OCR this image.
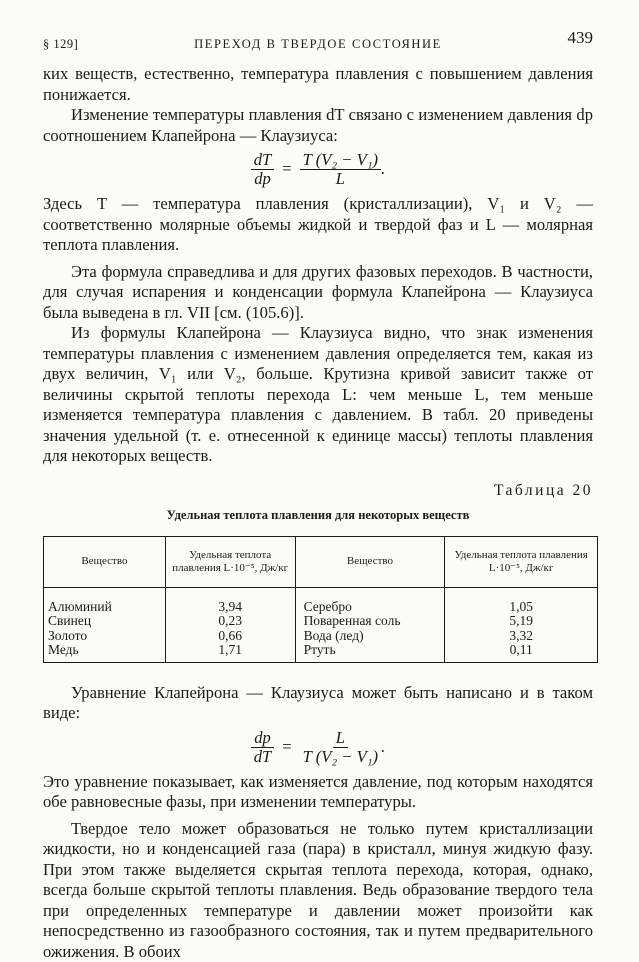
§ 129]	ПЕРЕХОД В ТВЕРДОЕ СОСТОЯНИЕ	439

ких веществ, естественно, температура плавления с повышением давления понижается.

Изменение температуры плавления dT связано с изменением давления dp соотношением Клапейрона — Клаузиуса:

$\frac{dT}{dp} = \frac{\text{T (V₂ − V₁)}}{L}$ .

Здесь T — температура плавления (кристаллизации), V₁ и V₂ — соответственно молярные объемы жидкой и твердой фаз и L — молярная теплота плавления.

Эта формула справедлива и для других фазовых переходов. В частности, для случая испарения и конденсации формула Клапейрона — Клаузиуса была выведена в гл. VII [см. (105.6)].

Из формулы Клапейрона — Клаузиуса видно, что знак изменения температуры плавления с изменением давления определяется тем, какая из двух величин, V₁ или V₂, больше. Крутизна кривой зависит также от величины скрытой теплоты перехода L: чем меньше L, тем меньше изменяется температура плавления с давлением. В табл. 20 приведены значения удельной (т. е. отнесенной к единице массы) теплоты плавления для некоторых веществ.

Таблица 20
Удельная теплота плавления для некоторых веществ
Вещество	Удельная теплота плавления L·10⁻⁵, Дж/кг	Вещество	Удельная теплота плавления L·10⁻⁵, Дж/кг
Алюминий	3,94	Серебро	1,05
Свинец	0,23	Поваренная соль	5,19
Золото	0,66	Вода (лед)	3,32
Медь	1,71	Ртуть	0,11

Уравнение Клапейрона — Клаузиуса может быть написано и в таком виде:

$\frac{dp}{dT} = \frac{L}{\text{T (V₂ − V₁)}}$ .

Это уравнение показывает, как изменяется давление, под которым находятся обе равновесные фазы, при изменении температуры.

Твердое тело может образоваться не только путем кристаллизации жидкости, но и конденсацией газа (пара) в кристалл, минуя жидкую фазу. При этом также выделяется скрытая теплота перехода, которая, однако, всегда больше скрытой теплоты плавления. Ведь образование твердого тела при определенных температуре и давлении может произойти как непосредственно из газообразного состояния, так и путем предварительного ожижения. В обоих
